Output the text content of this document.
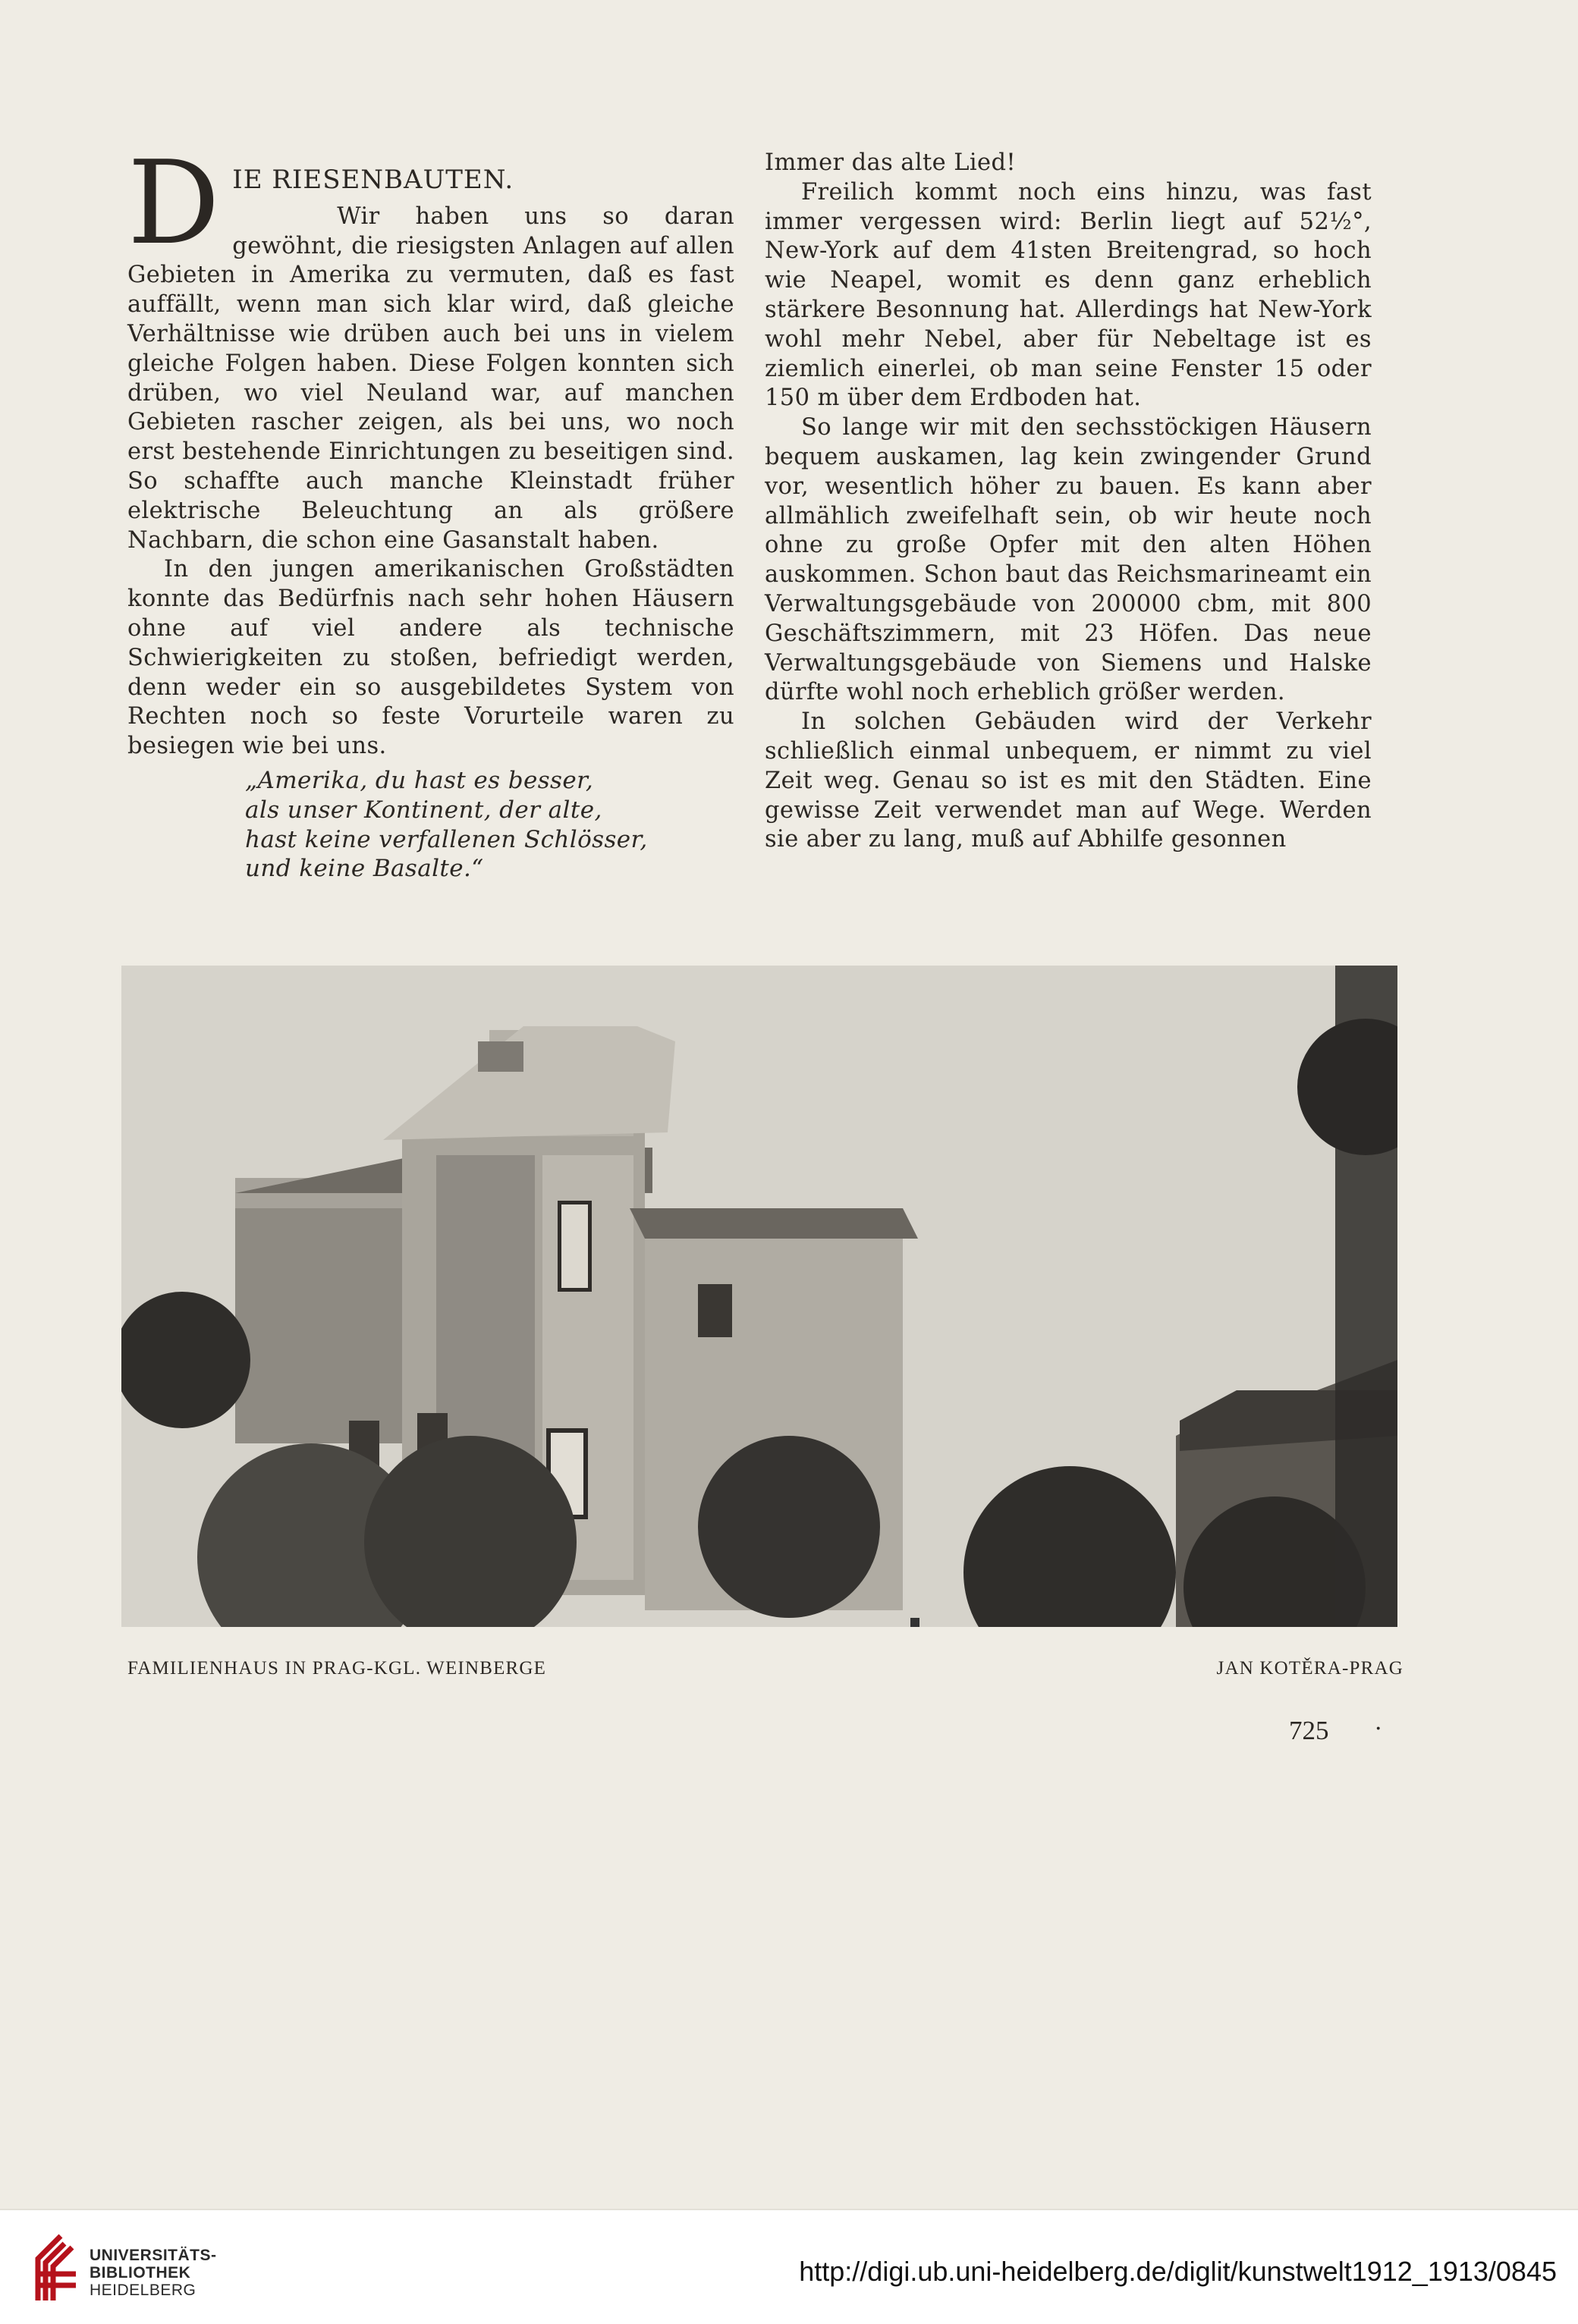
D IE RIESENBAUTEN.

Wir haben uns so daran gewöhnt, die riesigsten Anlagen auf allen Gebieten in Amerika zu vermuten, daß es fast auffällt, wenn man sich klar wird, daß gleiche Verhältnisse wie drüben auch bei uns in vielem gleiche Folgen haben. Diese Folgen konnten sich drüben, wo viel Neuland war, auf manchen Gebieten rascher zeigen, als bei uns, wo noch erst bestehende Einrichtungen zu beseitigen sind. So schaffte auch manche Kleinstadt früher elektrische Beleuchtung an als größere Nachbarn, die schon eine Gasanstalt haben.

In den jungen amerikanischen Großstädten konnte das Bedürfnis nach sehr hohen Häusern ohne auf viel andere als technische Schwierigkeiten zu stoßen, befriedigt werden, denn weder ein so ausgebildetes System von Rechten noch so feste Vorurteile waren zu besiegen wie bei uns.

„Amerika, du hast es besser,
als unser Kontinent, der alte,
hast keine verfallenen Schlösser,
und keine Basalte.“

Immer das alte Lied!

Freilich kommt noch eins hinzu, was fast immer vergessen wird: Berlin liegt auf 52½°, New-York auf dem 41sten Breitengrad, so hoch wie Neapel, womit es denn ganz erheblich stärkere Besonnung hat. Allerdings hat New-York wohl mehr Nebel, aber für Nebeltage ist es ziemlich einerlei, ob man seine Fenster 15 oder 150 m über dem Erdboden hat.

So lange wir mit den sechsstöckigen Häusern bequem auskamen, lag kein zwingender Grund vor, wesentlich höher zu bauen. Es kann aber allmählich zweifelhaft sein, ob wir heute noch ohne zu große Opfer mit den alten Höhen auskommen. Schon baut das Reichsmarineamt ein Verwaltungsgebäude von 200000 cbm, mit 800 Geschäftszimmern, mit 23 Höfen. Das neue Verwaltungsgebäude von Siemens und Halske dürfte wohl noch erheblich größer werden.

In solchen Gebäuden wird der Verkehr schließlich einmal unbequem, er nimmt zu viel Zeit weg. Genau so ist es mit den Städten. Eine gewisse Zeit verwendet man auf Wege. Werden sie aber zu lang, muß auf Abhilfe gesonnen

FAMILIENHAUS IN PRAG-KGL. WEINBERGE	JAN KOTĚRA-PRAG
725 ·
UNIVERSITÄTS-
BIBLIOTHEK
HEIDELBERG
http://digi.ub.uni-heidelberg.de/diglit/kunstwelt1912_1913/0845
